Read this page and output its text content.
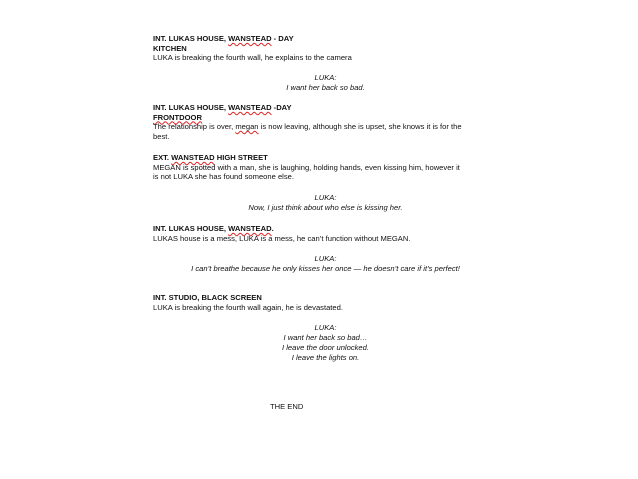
INT. LUKAS HOUSE, WANSTEAD - DAY
KITCHEN
LUKA is breaking the fourth wall, he explains to the camera
LUKA:
I want her back so bad.
INT. LUKAS HOUSE, WANSTEAD -DAY
FRONTDOOR
The relationship is over, megan is now leaving, although she is upset, she knows it is for the
best.
EXT. WANSTEAD HIGH STREET
MEGAN is spotted with a man, she is laughing, holding hands, even kissing him, however it
is not LUKA she has found someone else.
LUKA:
Now, I just think about who else is kissing her.
INT. LUKAS HOUSE, WANSTEAD.
LUKAS house is a mess, LUKA is a mess, he can’t function without MEGAN.
LUKA:
I can’t breathe because he only kisses her once — he doesn’t care if it’s perfect!
INT. STUDIO, BLACK SCREEN
LUKA is breaking the fourth wall again, he is devastated.
LUKA:
I want her back so bad…
I leave the door unlocked.
I leave the lights on.
THE END
